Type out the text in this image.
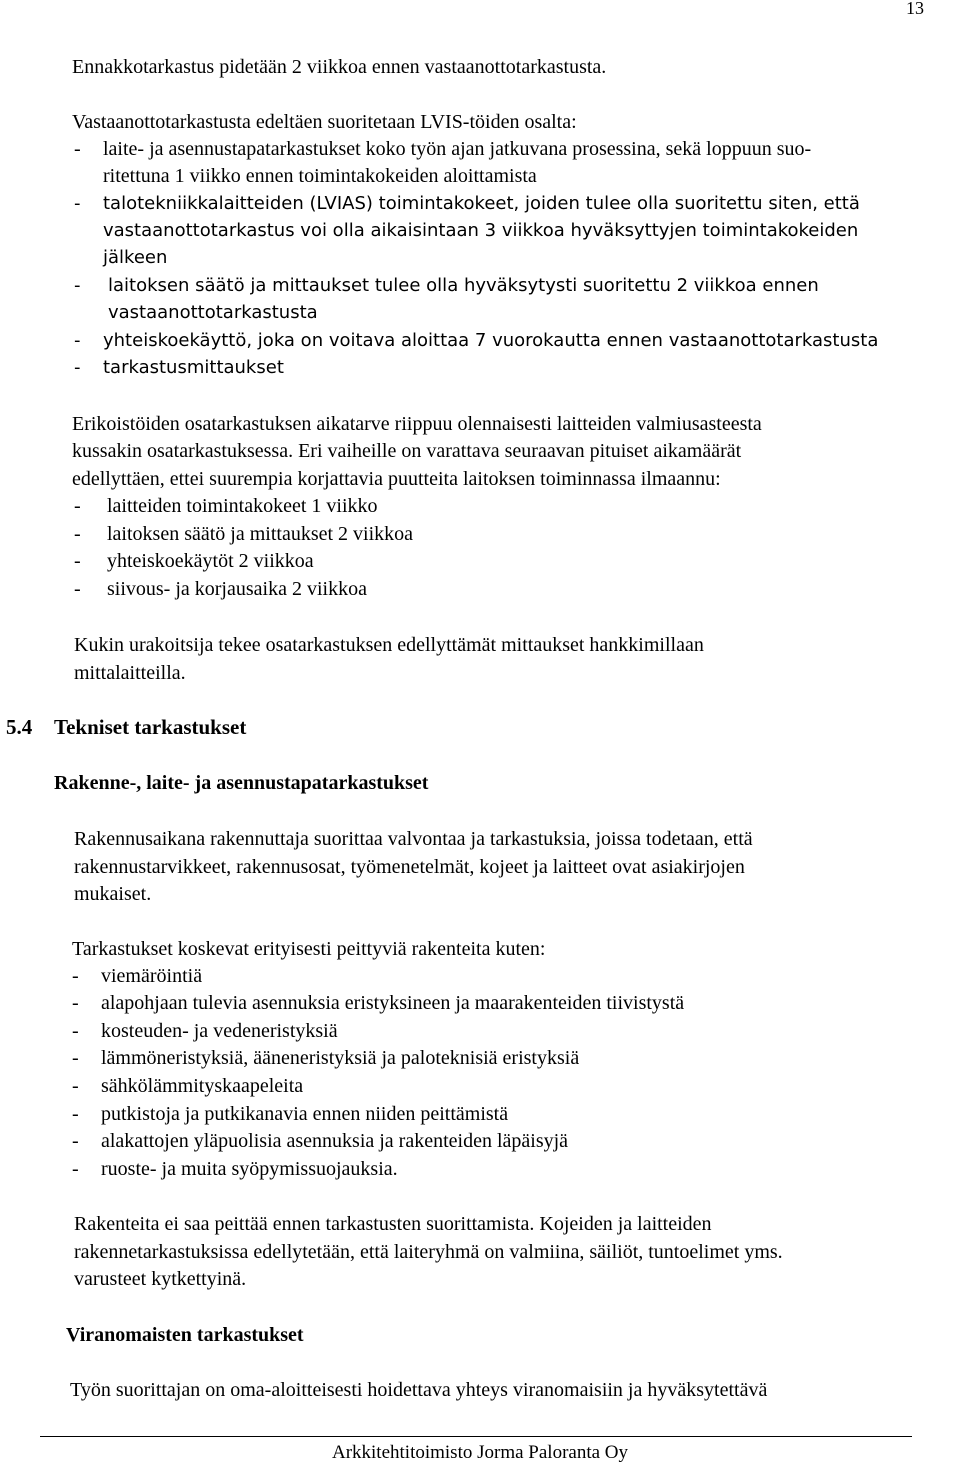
13
Ennakkotarkastus pidetään 2 viikkoa ennen vastaanottotarkastusta.
Vastaanottotarkastusta edeltäen suoritetaan LVIS-töiden osalta:
- laite- ja asennustapatarkastukset koko työn ajan jatkuvana prosessina, sekä loppuun suo-
ritettuna 1 viikko ennen toimintakokeiden aloittamista
- talotekniikkalaitteiden (LVIAS) toimintakokeet, joiden tulee olla suoritettu siten, että
vastaanottotarkastus voi olla aikaisintaan 3 viikkoa hyväksyttyjen toimintakokeiden
jälkeen
- laitoksen säätö ja mittaukset tulee olla hyväksytysti suoritettu 2 viikkoa ennen
vastaanottotarkastusta
- yhteiskoekäyttö, joka on voitava aloittaa 7 vuorokautta ennen vastaanottotarkastusta
- tarkastusmittaukset
Erikoistöiden osatarkastuksen aikatarve riippuu olennaisesti laitteiden valmiusasteesta
kussakin osatarkastuksessa. Eri vaiheille on varattava seuraavan pituiset aikamäärät
edellyttäen, ettei suurempia korjattavia puutteita laitoksen toiminnassa ilmaannu:
- laitteiden toimintakokeet 1 viikko
- laitoksen säätö ja mittaukset 2 viikkoa
- yhteiskoekäytöt 2 viikkoa
- siivous- ja korjausaika 2 viikkoa
Kukin urakoitsija tekee osatarkastuksen edellyttämät mittaukset hankkimillaan
mittalaitteilla.
5.4 Tekniset tarkastukset
Rakenne-, laite- ja asennustapatarkastukset
Rakennusaikana rakennuttaja suorittaa valvontaa ja tarkastuksia, joissa todetaan, että
rakennustarvikkeet, rakennusosat, työmenetelmät, kojeet ja laitteet ovat asiakirjojen
mukaiset.
Tarkastukset koskevat erityisesti peittyviä rakenteita kuten:
- viemäröintiä
- alapohjaan tulevia asennuksia eristyksineen ja maarakenteiden tiivistystä
- kosteuden- ja vedeneristyksiä
- lämmöneristyksiä, ääneneristyksiä ja paloteknisiä eristyksiä
- sähkölämmityskaapeleita
- putkistoja ja putkikanavia ennen niiden peittämistä
- alakattojen yläpuolisia asennuksia ja rakenteiden läpäisyjä
- ruoste- ja muita syöpymissuojauksia.
Rakenteita ei saa peittää ennen tarkastusten suorittamista. Kojeiden ja laitteiden
rakennetarkastuksissa edellytetään, että laiteryhmä on valmiina, säiliöt, tuntoelimet yms.
varusteet kytkettyinä.
Viranomaisten tarkastukset
Työn suorittajan on oma-aloitteisesti hoidettava yhteys viranomaisiin ja hyväksytettävä
Arkkitehtitoimisto Jorma Paloranta Oy
